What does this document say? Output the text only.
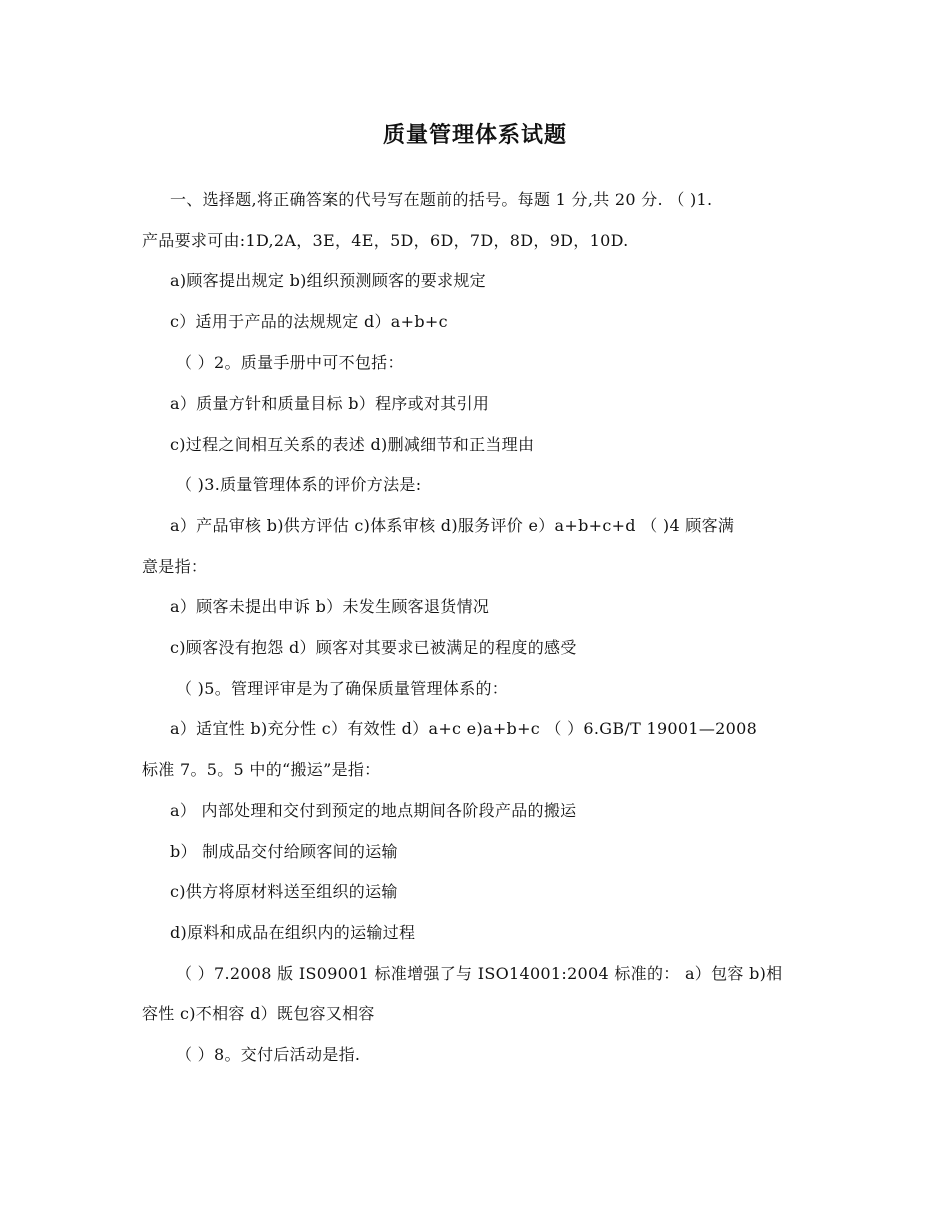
质量管理体系试题
一、选择题,将正确答案的代号写在题前的括号。每题 1 分,共 20 分. （ )1.
产品要求可由:1D,2A，3E，4E，5D，6D，7D，8D，9D，10D.
a)顾客提出规定 b)组织预测顾客的要求规定
c）适用于产品的法规规定 d）a+b+c
（ ）2。质量手册中可不包括：
a）质量方针和质量目标 b）程序或对其引用
c)过程之间相互关系的表述 d)删减细节和正当理由
（ )3.质量管理体系的评价方法是:
a）产品审核 b)供方评估 c)体系审核 d)服务评价 e）a+b+c+d （ )4 顾客满
意是指：
a）顾客未提出申诉 b）未发生顾客退货情况
c)顾客没有抱怨 d）顾客对其要求已被满足的程度的感受
（ )5。管理评审是为了确保质量管理体系的：
a）适宜性 b)充分性 c）有效性 d）a+c e)a+b+c （ ）6.GB/T 19001—2008
标准 7。5。5 中的“搬运”是指：
a） 内部处理和交付到预定的地点期间各阶段产品的搬运
b） 制成品交付给顾客间的运输
c)供方将原材料送至组织的运输
d)原料和成品在组织内的运输过程
（ ）7.2008 版 IS09001 标准增强了与 ISO14001:2004 标准的： a）包容 b)相
容性 c)不相容 d）既包容又相容
（ ）8。交付后活动是指.
